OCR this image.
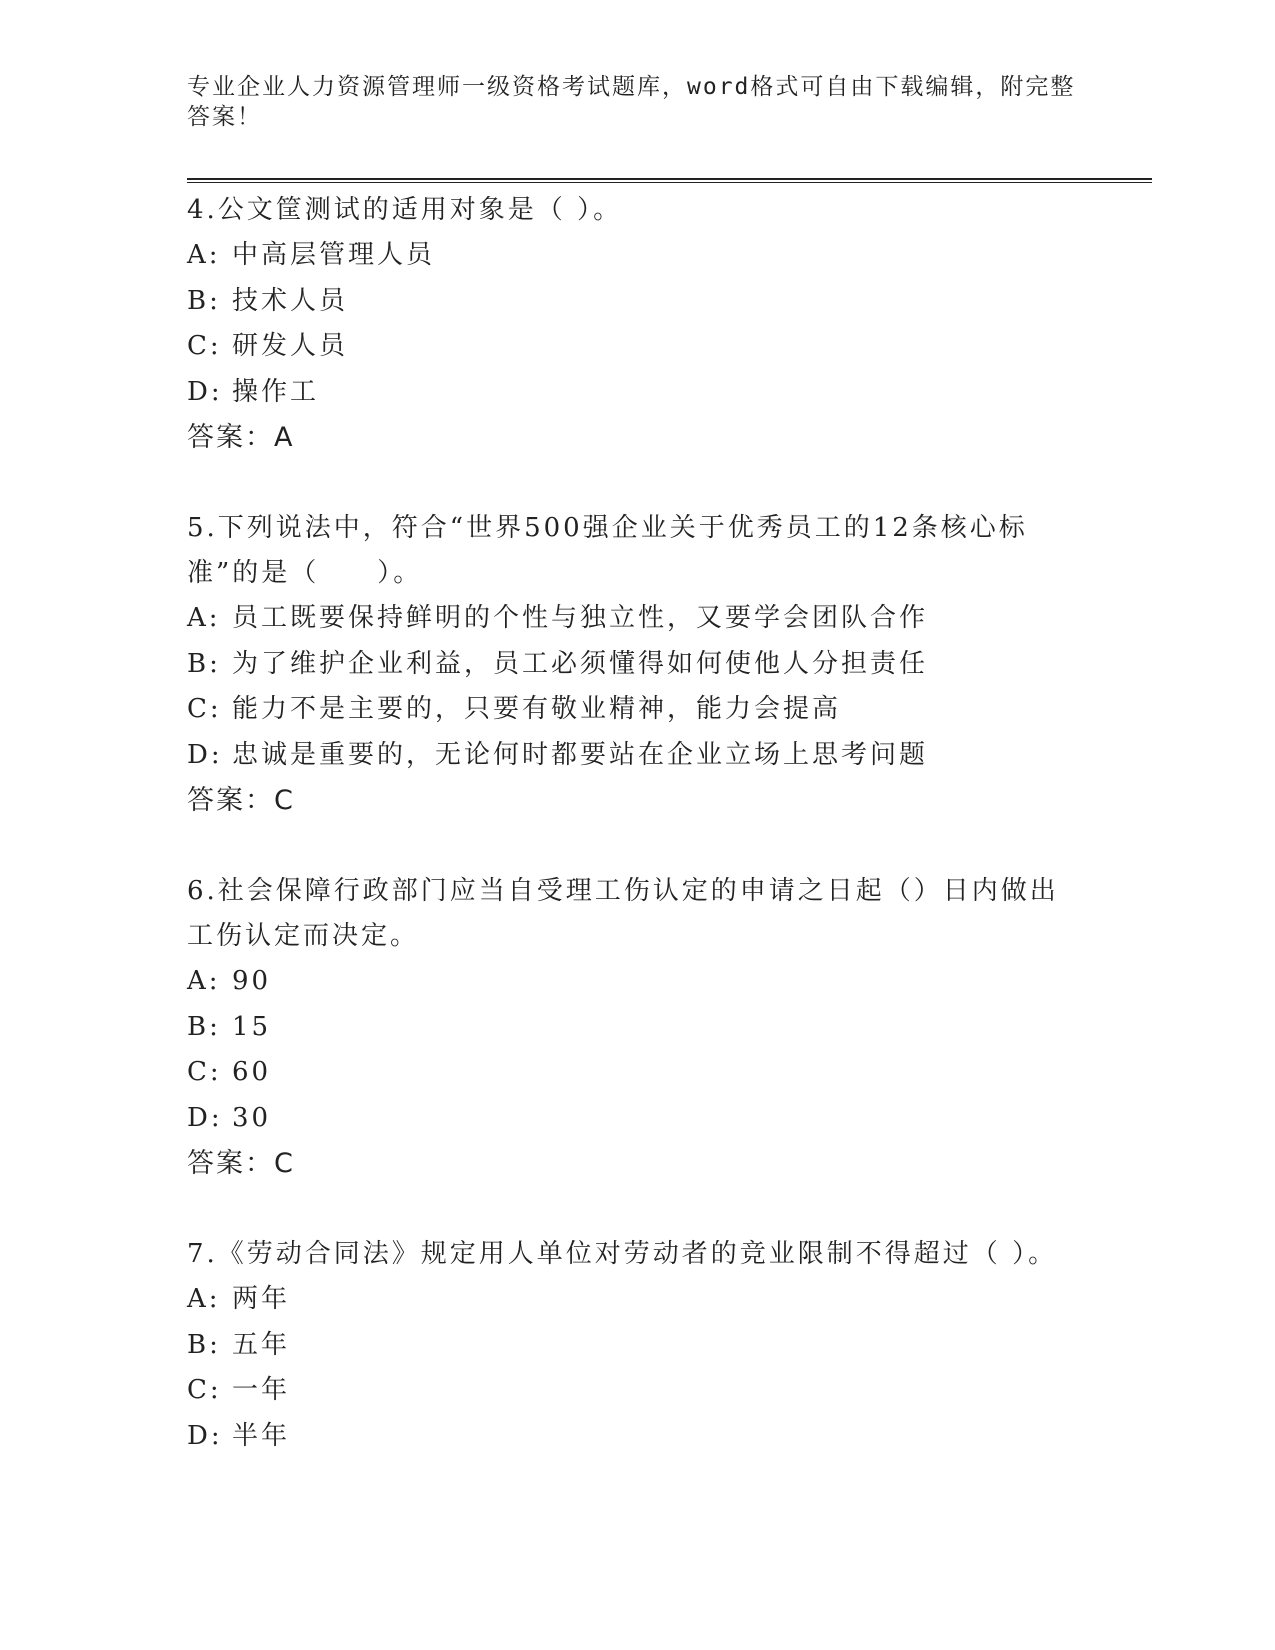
专业企业人力资源管理师一级资格考试题库，word格式可自由下载编辑，附完整答案！
4.公文筐测试的适用对象是（ ）。
A: 中高层管理人员
B: 技术人员
C: 研发人员
D: 操作工
答案：A
5.下列说法中，符合“世界500强企业关于优秀员工的12条核心标准”的是（　　）。
A: 员工既要保持鲜明的个性与独立性，又要学会团队合作
B: 为了维护企业利益，员工必须懂得如何使他人分担责任
C: 能力不是主要的，只要有敬业精神，能力会提高
D: 忠诚是重要的，无论何时都要站在企业立场上思考问题
答案：C
6.社会保障行政部门应当自受理工伤认定的申请之日起（）日内做出工伤认定而决定。
A: 90
B: 15
C: 60
D: 30
答案：C
7.《劳动合同法》规定用人单位对劳动者的竞业限制不得超过（ ）。
A: 两年
B: 五年
C: 一年
D: 半年
